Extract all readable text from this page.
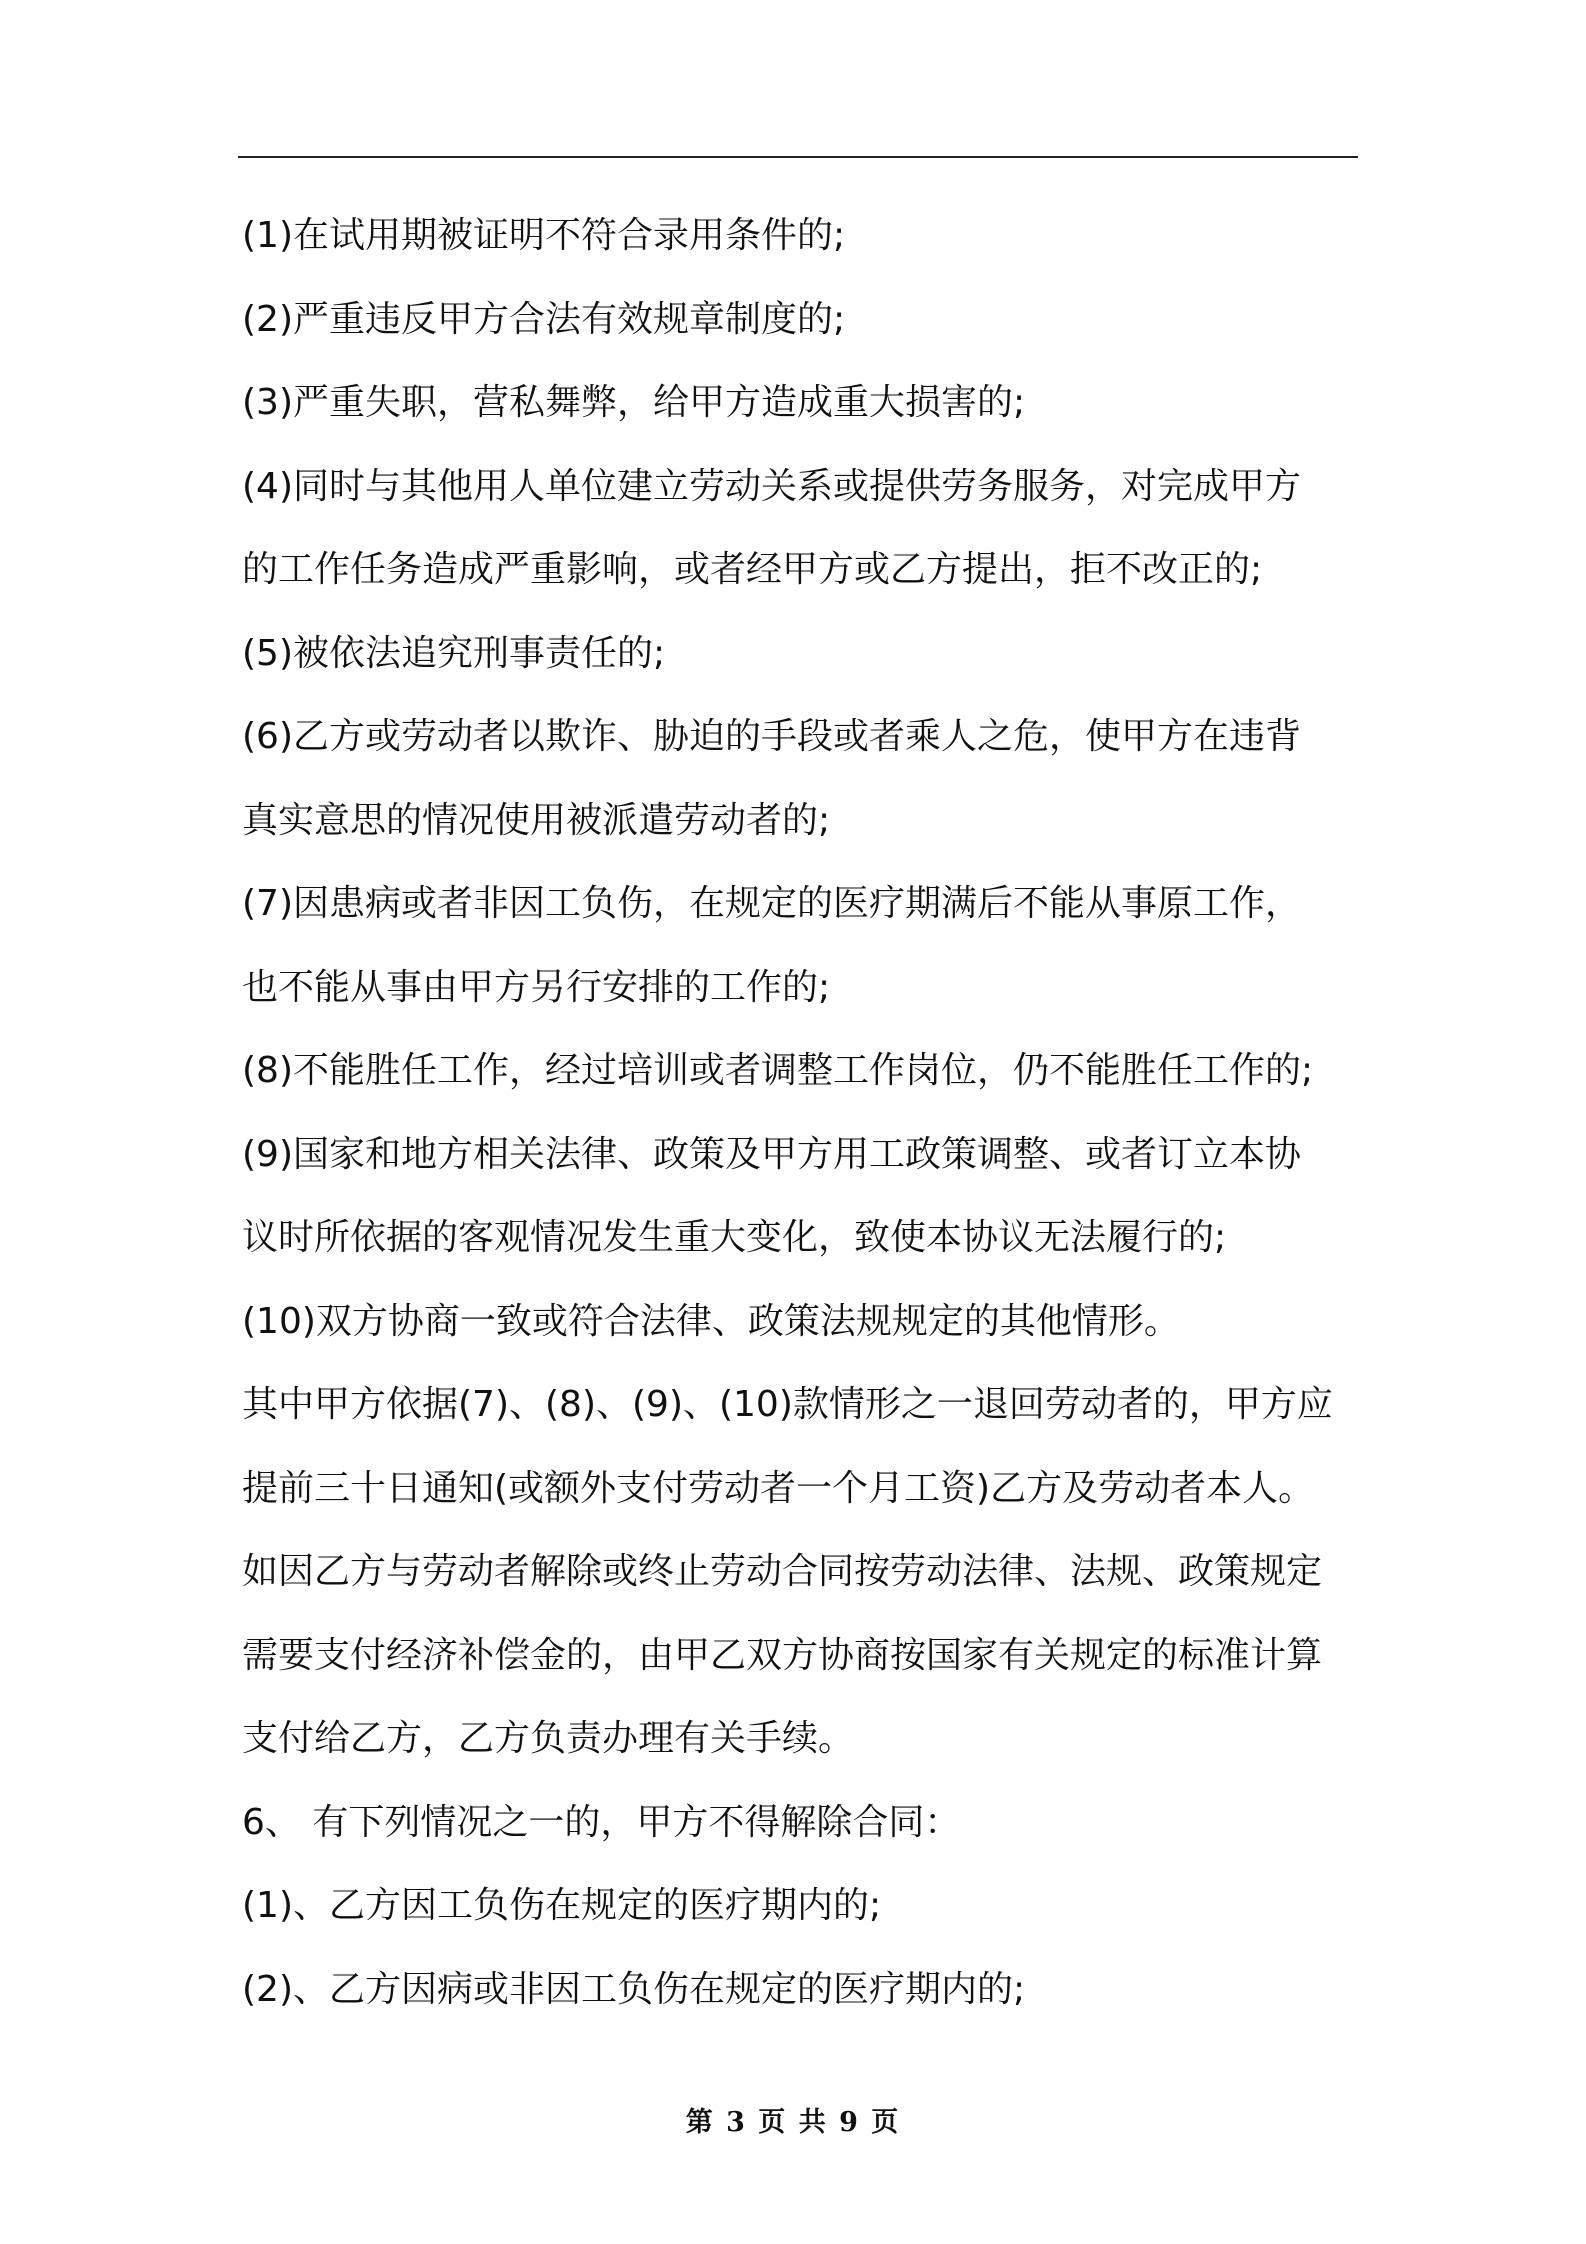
(1)在试用期被证明不符合录用条件的;
(2)严重违反甲方合法有效规章制度的;
(3)严重失职，营私舞弊，给甲方造成重大损害的;
(4)同时与其他用人单位建立劳动关系或提供劳务服务，对完成甲方
的工作任务造成严重影响，或者经甲方或乙方提出，拒不改正的;
(5)被依法追究刑事责任的;
(6)乙方或劳动者以欺诈、胁迫的手段或者乘人之危，使甲方在违背
真实意思的情况使用被派遣劳动者的;
(7)因患病或者非因工负伤，在规定的医疗期满后不能从事原工作，
也不能从事由甲方另行安排的工作的;
(8)不能胜任工作，经过培训或者调整工作岗位，仍不能胜任工作的;
(9)国家和地方相关法律、政策及甲方用工政策调整、或者订立本协
议时所依据的客观情况发生重大变化，致使本协议无法履行的;
(10)双方协商一致或符合法律、政策法规规定的其他情形。
其中甲方依据(7)、(8)、(9)、(10)款情形之一退回劳动者的，甲方应
提前三十日通知(或额外支付劳动者一个月工资)乙方及劳动者本人。
如因乙方与劳动者解除或终止劳动合同按劳动法律、法规、政策规定
需要支付经济补偿金的，由甲乙双方协商按国家有关规定的标准计算
支付给乙方，乙方负责办理有关手续。
6、 有下列情况之一的，甲方不得解除合同：
(1)、乙方因工负伤在规定的医疗期内的;
(2)、乙方因病或非因工负伤在规定的医疗期内的;
第 3 页 共 9 页
